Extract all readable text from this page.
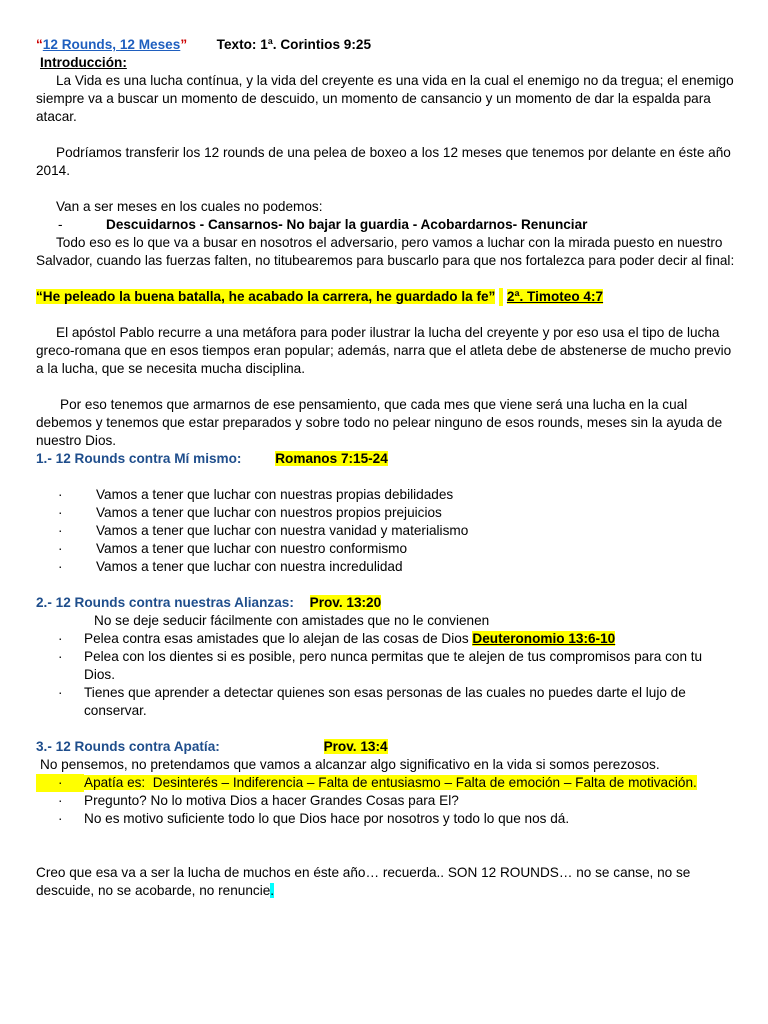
“12 Rounds, 12 Meses” Texto: 1ª. Corintios 9:25

Introducción:

La Vida es una lucha contínua, y la vida del creyente es una vida en la cual el enemigo no da tregua; el enemigo siempre va a buscar un momento de descuido, un momento de cansancio y un momento de dar la espalda para atacar.

Podríamos transferir los 12 rounds de una pelea de boxeo a los 12 meses que tenemos por delante en éste año 2014.

Van a ser meses en los cuales no podemos:

-	Descuidarnos - Cansarnos- No bajar la guardia - Acobardarnos- Renunciar

Todo eso es lo que va a busar en nosotros el adversario, pero vamos a luchar con la mirada puesto en nuestro Salvador, cuando las fuerzas falten, no titubearemos para buscarlo para que nos fortalezca para poder decir al final:

“He peleado la buena batalla, he acabado la carrera, he guardado la fe” 2ª. Timoteo 4:7

El apóstol Pablo recurre a una metáfora para poder ilustrar la lucha del creyente y por eso usa el tipo de lucha greco-romana que en esos tiempos eran popular; además, narra que el atleta debe de abstenerse de mucho previo a la lucha, que se necesita mucha disciplina.

Por eso tenemos que armarnos de ese pensamiento, que cada mes que viene será una lucha en la cual debemos y tenemos que estar preparados y sobre todo no pelear ninguno de esos rounds, meses sin la ayuda de nuestro Dios.

1.- 12 Rounds contra Mí mismo: Romanos 7:15-24

·	Vamos a tener que luchar con nuestras propias debilidades
·	Vamos a tener que luchar con nuestros propios prejuicios
·	Vamos a tener que luchar con nuestra vanidad y materialismo
·	Vamos a tener que luchar con nuestro conformismo
·	Vamos a tener que luchar con nuestra incredulidad

2.- 12 Rounds contra nuestras Alianzas: Prov. 13:20

No se deje seducir fácilmente con amistades que no le convienen

·	Pelea contra esas amistades que lo alejan de las cosas de Dios Deuteronomio 13:6-10
·	Pelea con los dientes si es posible, pero nunca permitas que te alejen de tus compromisos para con tu Dios.
·	Tienes que aprender a detectar quienes son esas personas de las cuales no puedes darte el lujo de conservar.

3.- 12 Rounds contra Apatía:	Prov. 13:4

No pensemos, no pretendamos que vamos a alcanzar algo significativo en la vida si somos perezosos.

·	Apatía es: Desinterés – Indiferencia – Falta de entusiasmo – Falta de emoción – Falta de motivación.
·	Pregunto? No lo motiva Dios a hacer Grandes Cosas para El?
·	No es motivo suficiente todo lo que Dios hace por nosotros y todo lo que nos dá.

Creo que esa va a ser la lucha de muchos en éste año… recuerda.. SON 12 ROUNDS… no se canse, no se descuide, no se acobarde, no renuncie.
